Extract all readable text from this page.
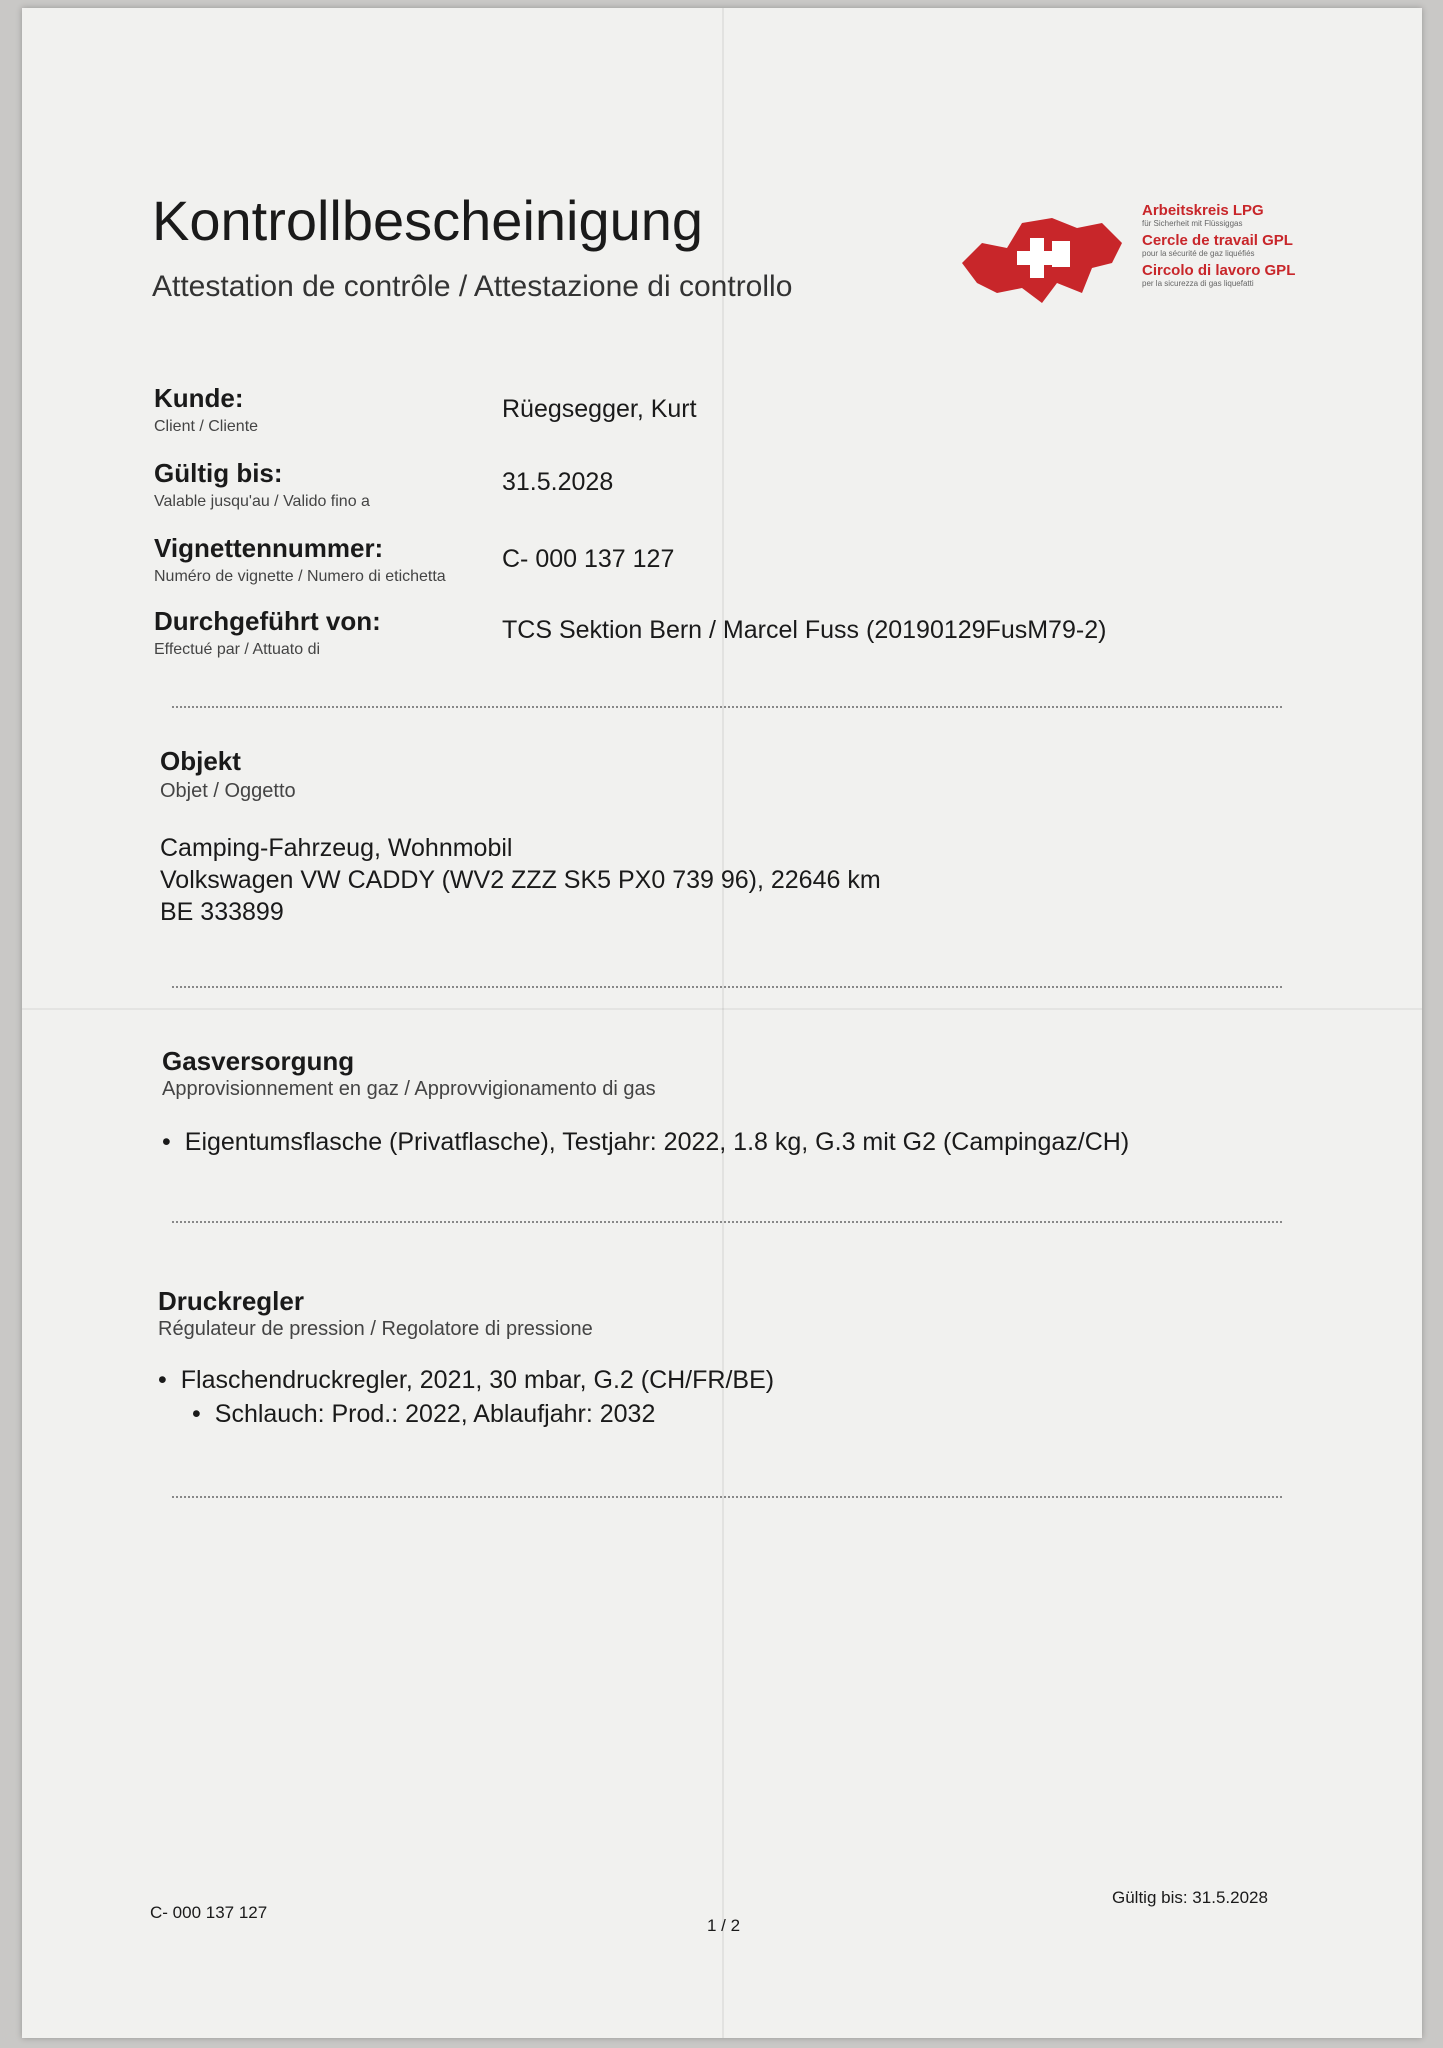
Kontrollbescheinigung
Attestation de contrôle / Attestazione di controllo
Arbeitskreis LPG
für Sicherheit mit Flüssiggas
Cercle de travail GPL
pour la sécurité de gaz liquéfiés
Circolo di lavoro GPL
per la sicurezza di gas liquefatti
Kunde:
Client / Cliente
Rüegsegger, Kurt
Gültig bis:
Valable jusqu'au / Valido fino a
31.5.2028
Vignettennummer:
Numéro de vignette / Numero di etichetta
C- 000 137 127
Durchgeführt von:
Effectué par / Attuato di
TCS Sektion Bern / Marcel Fuss (20190129FusM79-2)
Objekt
Objet / Oggetto
Camping-Fahrzeug, Wohnmobil
Volkswagen VW CADDY (WV2 ZZZ SK5 PX0 739 96), 22646 km
BE 333899
Gasversorgung
Approvisionnement en gaz / Approvvigionamento di gas
• Eigentumsflasche (Privatflasche), Testjahr: 2022, 1.8 kg, G.3 mit G2 (Campingaz/CH)
Druckregler
Régulateur de pression / Regolatore di pressione
• Flaschendruckregler, 2021, 30 mbar, G.2 (CH/FR/BE)
• Schlauch: Prod.: 2022, Ablaufjahr: 2032
C- 000 137 127
1 / 2
Gültig bis: 31.5.2028
